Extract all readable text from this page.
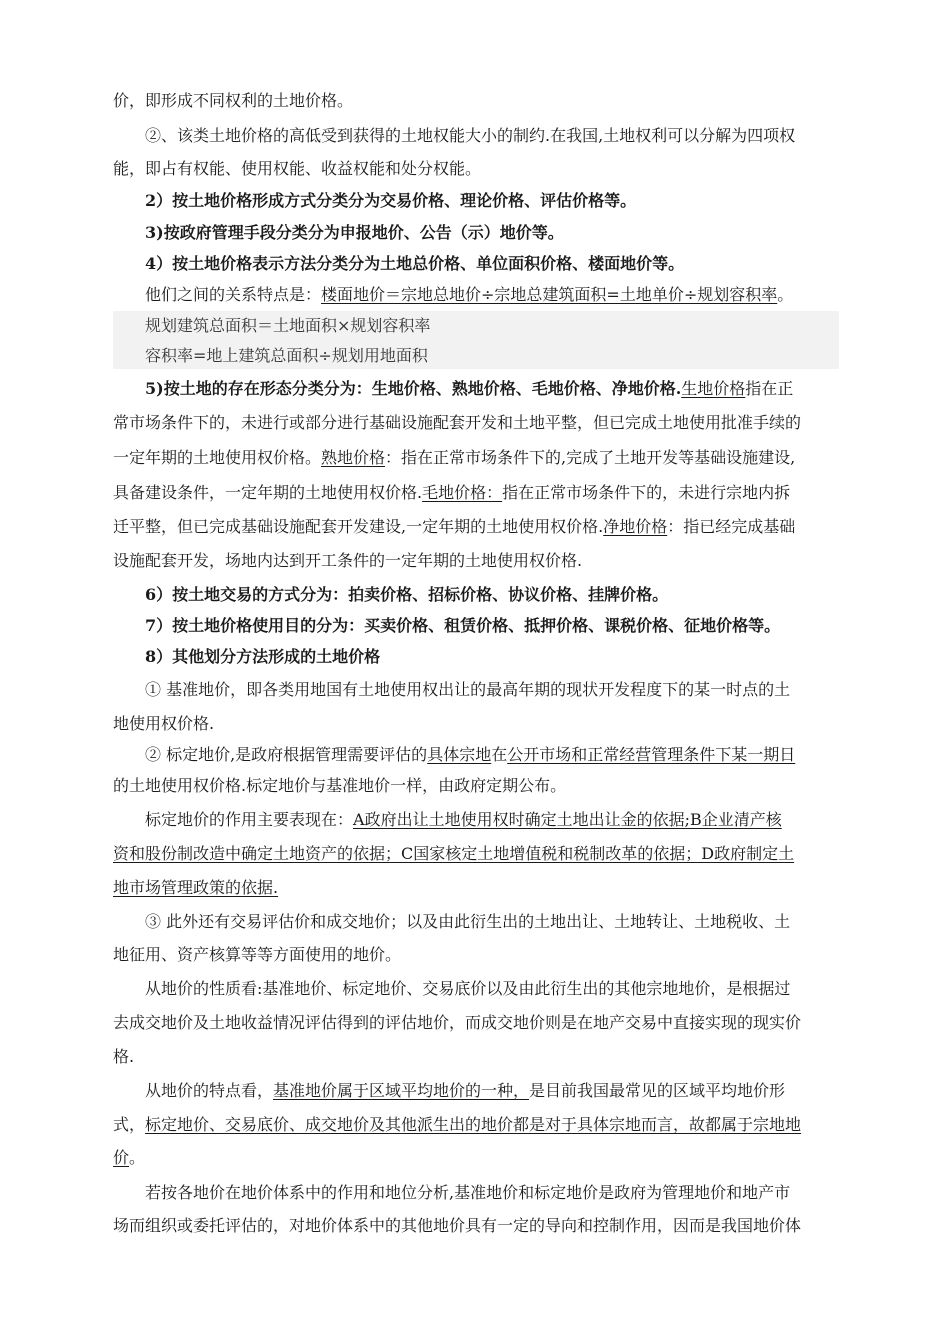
价，即形成不同权利的土地价格。
②、该类土地价格的高低受到获得的土地权能大小的制约.在我国,土地权利可以分解为四项权
能，即占有权能、使用权能、收益权能和处分权能。
2）按土地价格形成方式分类分为交易价格、理论价格、评估价格等。
3)按政府管理手段分类分为申报地价、公告（示）地价等。
4）按土地价格表示方法分类分为土地总价格、单位面积价格、楼面地价等。
他们之间的关系特点是：楼面地价＝宗地总地价÷宗地总建筑面积=土地单价÷规划容积率。
规划建筑总面积＝土地面积×规划容积率
容积率=地上建筑总面积÷规划用地面积
5)按土地的存在形态分类分为：生地价格、熟地价格、毛地价格、净地价格.生地价格指在正
常市场条件下的，未进行或部分进行基础设施配套开发和土地平整，但已完成土地使用批准手续的
一定年期的土地使用权价格。熟地价格：指在正常市场条件下的,完成了土地开发等基础设施建设,
具备建设条件，一定年期的土地使用权价格.毛地价格：指在正常市场条件下的，未进行宗地内拆
迁平整，但已完成基础设施配套开发建设,一定年期的土地使用权价格.净地价格：指已经完成基础
设施配套开发，场地内达到开工条件的一定年期的土地使用权价格.
6）按土地交易的方式分为：拍卖价格、招标价格、协议价格、挂牌价格。
7）按土地价格使用目的分为：买卖价格、租赁价格、抵押价格、课税价格、征地价格等。
8）其他划分方法形成的土地价格
① 基准地价，即各类用地国有土地使用权出让的最高年期的现状开发程度下的某一时点的土
地使用权价格.
② 标定地价,是政府根据管理需要评估的具体宗地在公开市场和正常经营管理条件下某一期日
的土地使用权价格.标定地价与基准地价一样，由政府定期公布。
标定地价的作用主要表现在：A政府出让土地使用权时确定土地出让金的依据;B企业清产核
资和股份制改造中确定土地资产的依据；C国家核定土地增值税和税制改革的依据；D政府制定土
地市场管理政策的依据.
③ 此外还有交易评估价和成交地价；以及由此衍生出的土地出让、土地转让、土地税收、土
地征用、资产核算等等方面使用的地价。
从地价的性质看:基准地价、标定地价、交易底价以及由此衍生出的其他宗地地价，是根据过
去成交地价及土地收益情况评估得到的评估地价，而成交地价则是在地产交易中直接实现的现实价
格.
从地价的特点看，基准地价属于区域平均地价的一种，是目前我国最常见的区域平均地价形
式，标定地价、交易底价、成交地价及其他派生出的地价都是对于具体宗地而言，故都属于宗地地
价。
若按各地价在地价体系中的作用和地位分析,基准地价和标定地价是政府为管理地价和地产市
场而组织或委托评估的，对地价体系中的其他地价具有一定的导向和控制作用，因而是我国地价体
